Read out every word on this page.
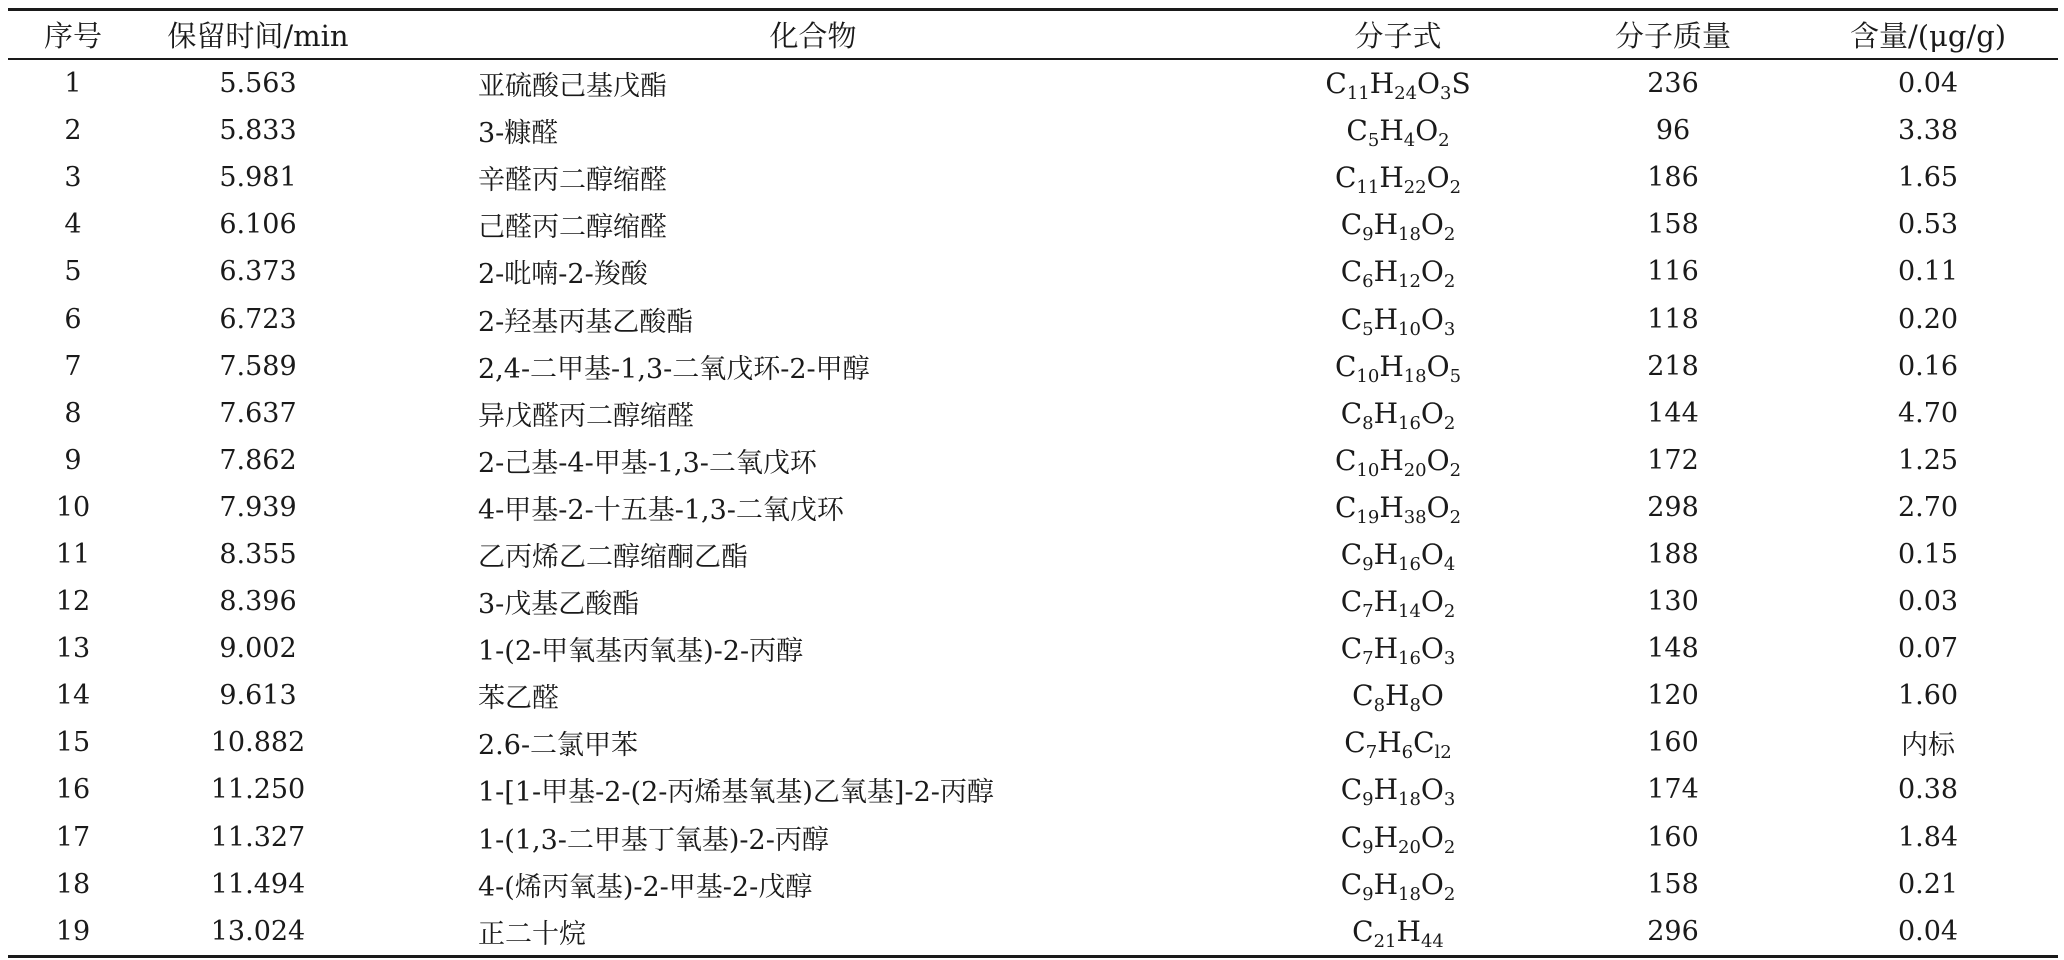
序号	保留时间/min	化合物		分子式	分子质量	含量/(μg/g)
1	5.563		亚硫酸己基戊酯	$C_{11}H_{24}O_3S$	236	0.04
2	5.833		3-糠醛	$C_5H_4O_2$	96	3.38
3	5.981		辛醛丙二醇缩醛	$C_{11}H_{22}O_2$	186	1.65
4	6.106		己醛丙二醇缩醛	$C_9H_{18}O_2$	158	0.53
5	6.373		2-吡喃-2-羧酸	$C_6H_{12}O_2$	116	0.11
6	6.723		2-羟基丙基乙酸酯	$C_5H_{10}O_3$	118	0.20
7	7.589		2,4-二甲基-1,3-二氧戊环-2-甲醇	$C_{10}H_{18}O_5$	218	0.16
8	7.637		异戊醛丙二醇缩醛	$C_8H_{16}O_2$	144	4.70
9	7.862		2-己基-4-甲基-1,3-二氧戊环	$C_{10}H_{20}O_2$	172	1.25
10	7.939		4-甲基-2-十五基-1,3-二氧戊环	$C_{19}H_{38}O_2$	298	2.70
11	8.355		乙丙烯乙二醇缩酮乙酯	$C_9H_{16}O_4$	188	0.15
12	8.396		3-戊基乙酸酯	$C_7H_{14}O_2$	130	0.03
13	9.002		1-(2-甲氧基丙氧基)-2-丙醇	$C_7H_{16}O_3$	148	0.07
14	9.613		苯乙醛	$C_8H_8O$	120	1.60
15	10.882		2.6-二氯甲苯	$C_7H_6C_{l2}$	160	内标
16	11.250		1-[1-甲基-2-(2-丙烯基氧基)乙氧基]-2-丙醇	$C_9H_{18}O_3$	174	0.38
17	11.327		1-(1,3-二甲基丁氧基)-2-丙醇	$C_9H_{20}O_2$	160	1.84
18	11.494		4-(烯丙氧基)-2-甲基-2-戊醇	$C_9H_{18}O_2$	158	0.21
19	13.024		正二十烷	$C_{21}H_{44}$	296	0.04
